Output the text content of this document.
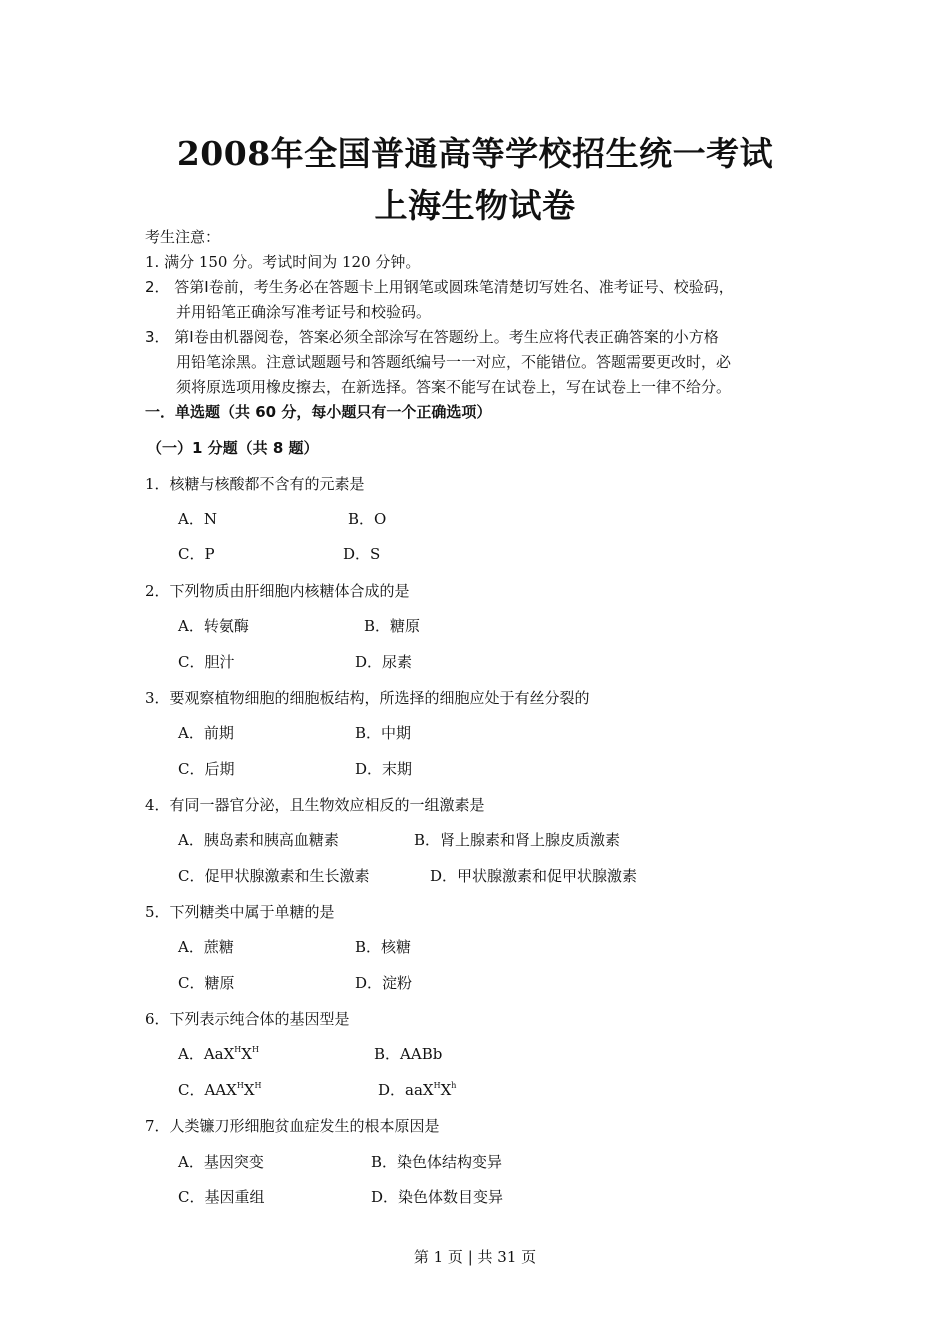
2008年全国普通高等学校招生统一考试
上海生物试卷
考生注意：
1. 满分 150 分。考试时间为 120 分钟。
2． 答第Ⅰ卷前，考生务必在答题卡上用钢笔或圆珠笔清楚切写姓名、准考证号、校验码，
并用铅笔正确涂写准考证号和校验码。
3． 第Ⅰ卷由机器阅卷，答案必须全部涂写在答题纷上。考生应将代表正确答案的小方格
用铅笔涂黑。注意试题题号和答题纸编号一一对应，不能错位。答题需要更改时，必
须将原选项用橡皮擦去，在新选择。答案不能写在试卷上，写在试卷上一律不给分。
一．单选题（共 60 分，每小题只有一个正确选项）
（一）1 分题（共 8 题）
1．核糖与核酸都不含有的元素是
A．N	B．O
C．P	D．S
2．下列物质由肝细胞内核糖体合成的是
A．转氨酶	B．糖原
C．胆汁	D．尿素
3．要观察植物细胞的细胞板结构，所选择的细胞应处于有丝分裂的
A．前期	B．中期
C．后期	D．末期
4．有同一器官分泌，且生物效应相反的一组激素是
A．胰岛素和胰高血糖素	B．肾上腺素和肾上腺皮质激素
C．促甲状腺激素和生长激素	D．甲状腺激素和促甲状腺激素
5．下列糖类中属于单糖的是
A．蔗糖	B．核糖
C．糖原	D．淀粉
6．下列表示纯合体的基因型是
A．$AaX^HX^H$	B．AABb
C．$AAX^HX^H$	D．$aaX^HX^h$
7．人类镰刀形细胞贫血症发生的根本原因是
A．基因突变	B．染色体结构变异
C．基因重组	D．染色体数目变异
第 1 页 | 共 31 页
